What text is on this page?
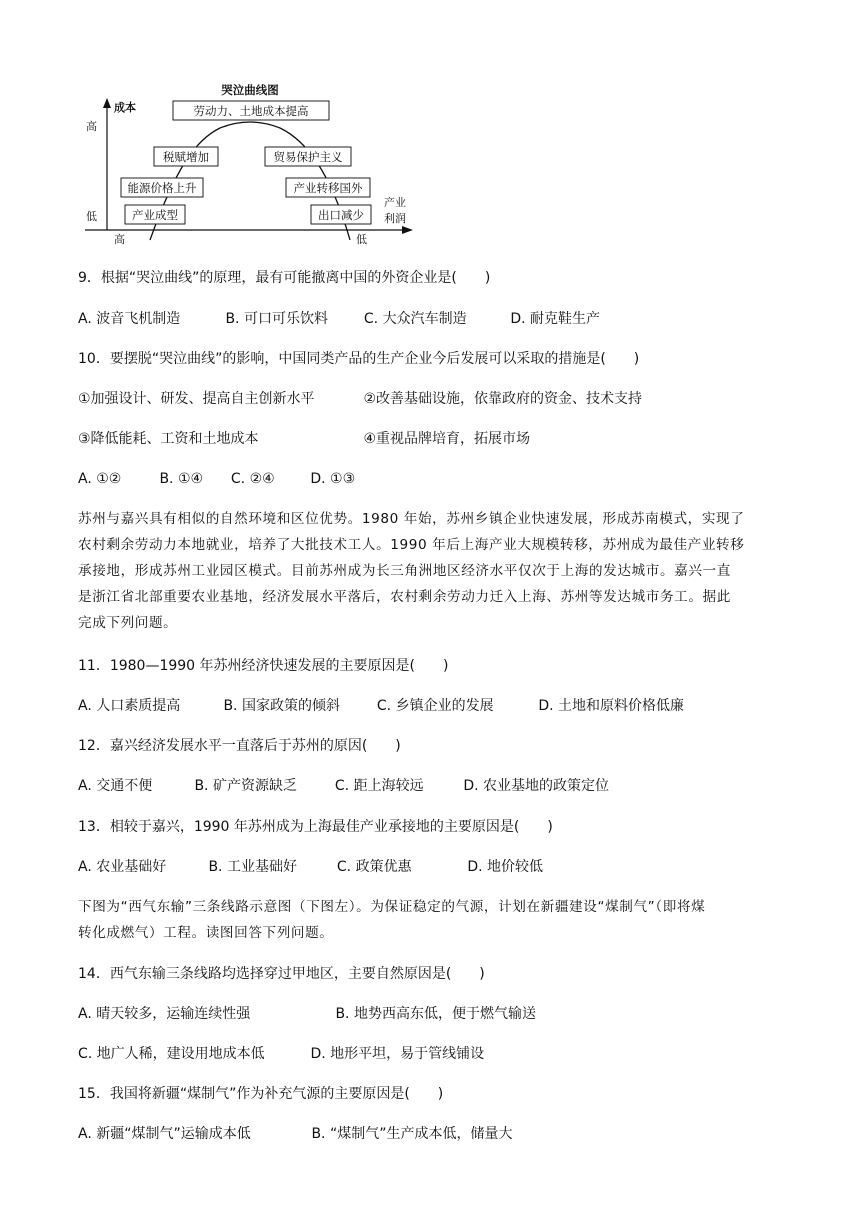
哭泣曲线图
成本
高
低
高	低
产业
利润
劳动力、土地成本提高
税赋增加	贸易保护主义
能源价格上升	产业转移国外
产业成型	出口减少
9．根据“哭泣曲线”的原理，最有可能撤离中国的外资企业是(　　)
A. 波音飞机制造	B. 可口可乐饮料	C. 大众汽车制造	D. 耐克鞋生产
10．要摆脱“哭泣曲线”的影响，中国同类产品的生产企业今后发展可以采取的措施是(　　)
①加强设计、研发、提高自主创新水平	②改善基础设施，依靠政府的资金、技术支持
③降低能耗、工资和土地成本	④重视品牌培育，拓展市场
A. ①②	B. ①④ C. ②④	D. ①③
苏州与嘉兴具有相似的自然环境和区位优势。1980 年始，苏州乡镇企业快速发展，形成苏南模式，实现了
农村剩余劳动力本地就业，培养了大批技术工人。1990 年后上海产业大规模转移，苏州成为最佳产业转移
承接地，形成苏州工业园区模式。目前苏州成为长三角洲地区经济水平仅次于上海的发达城市。嘉兴一直
是浙江省北部重要农业基地，经济发展水平落后，农村剩余劳动力迁入上海、苏州等发达城市务工。据此
完成下列问题。
11．1980—1990 年苏州经济快速发展的主要原因是(　　)
A. 人口素质提高	B. 国家政策的倾斜	C. 乡镇企业的发展	D. 土地和原料价格低廉
12．嘉兴经济发展水平一直落后于苏州的原因(　　)
A. 交通不便	B. 矿产资源缺乏	C. 距上海较远	D. 农业基地的政策定位
13．相较于嘉兴，1990 年苏州成为上海最佳产业承接地的主要原因是(　　)
A. 农业基础好	B. 工业基础好	C. 政策优惠	D. 地价较低
下图为“西气东输”三条线路示意图（下图左）。为保证稳定的气源，计划在新疆建设“煤制气”（即将煤
转化成燃气）工程。读图回答下列问题。
14．西气东输三条线路均选择穿过甲地区，主要自然原因是(　　)
A. 晴天较多，运输连续性强	B. 地势西高东低，便于燃气输送
C. 地广人稀，建设用地成本低	D. 地形平坦，易于管线铺设
15．我国将新疆“煤制气”作为补充气源的主要原因是(　　)
A. 新疆“煤制气”运输成本低	B. “煤制气”生产成本低，储量大
